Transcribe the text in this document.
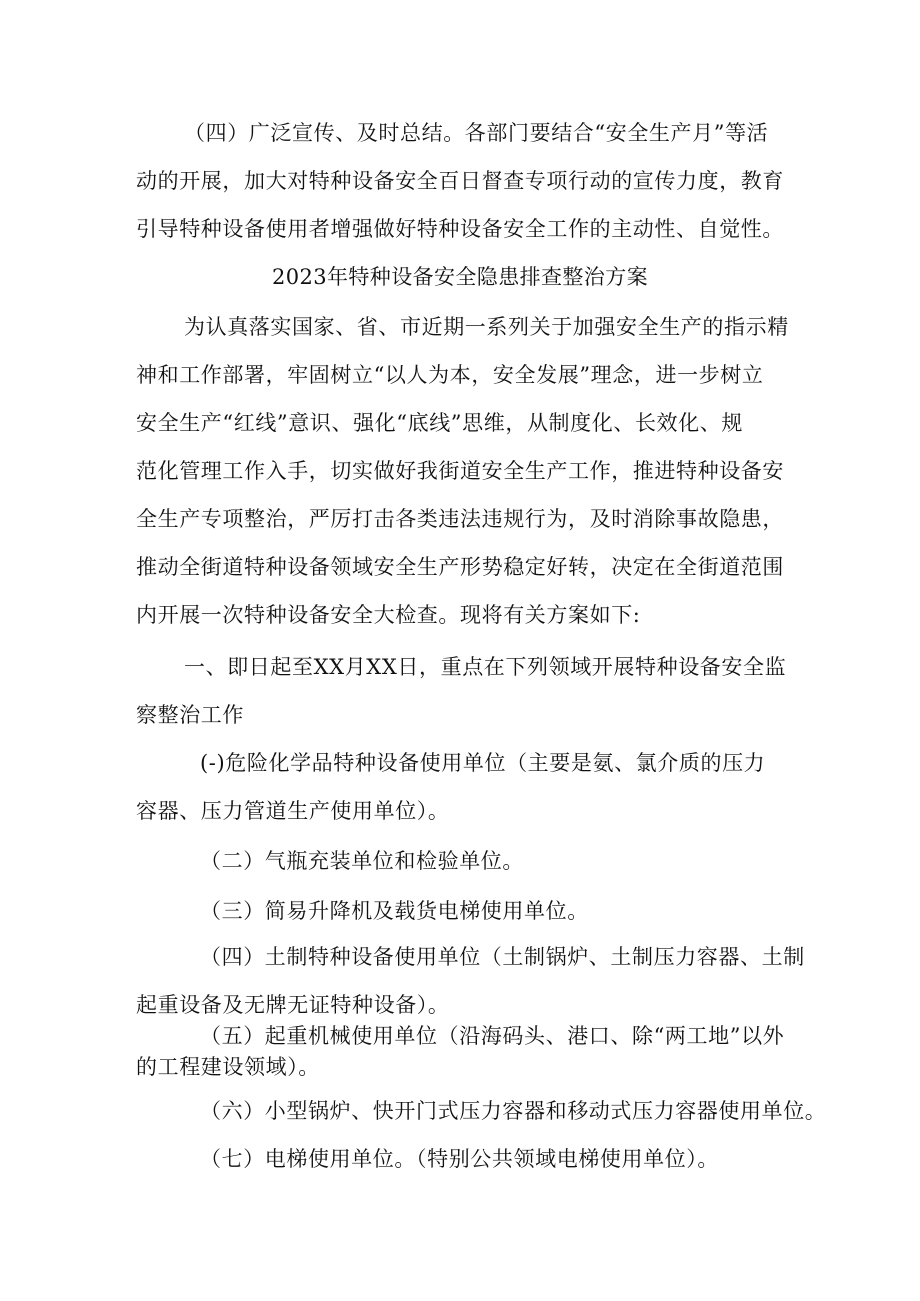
（四）广泛宣传、及时总结。各部门要结合“安全生产月”等活
动的开展，加大对特种设备安全百日督查专项行动的宣传力度，教育
引导特种设备使用者增强做好特种设备安全工作的主动性、自觉性。
2023年特种设备安全隐患排查整治方案
为认真落实国家、省、市近期一系列关于加强安全生产的指示精
神和工作部署，牢固树立“以人为本，安全发展”理念，进一步树立
安全生产“红线”意识、强化“底线”思维，从制度化、长效化、规
范化管理工作入手，切实做好我街道安全生产工作，推进特种设备安
全生产专项整治，严厉打击各类违法违规行为，及时消除事故隐患，
推动全街道特种设备领域安全生产形势稳定好转，决定在全街道范围
内开展一次特种设备安全大检查。现将有关方案如下:
一、即日起至XX月XX日，重点在下列领域开展特种设备安全监
察整治工作
(-)危险化学品特种设备使用单位（主要是氨、氯介质的压力
容器、压力管道生产使用单位）。
（二）气瓶充装单位和检验单位。
（三）简易升降机及载货电梯使用单位。
（四）土制特种设备使用单位（土制锅炉、土制压力容器、土制
起重设备及无牌无证特种设备）。
（五）起重机械使用单位（沿海码头、港口、除“两工地”以外
的工程建设领域）。
（六）小型锅炉、快开门式压力容器和移动式压力容器使用单位。
（七）电梯使用单位。（特别公共领域电梯使用单位）。
